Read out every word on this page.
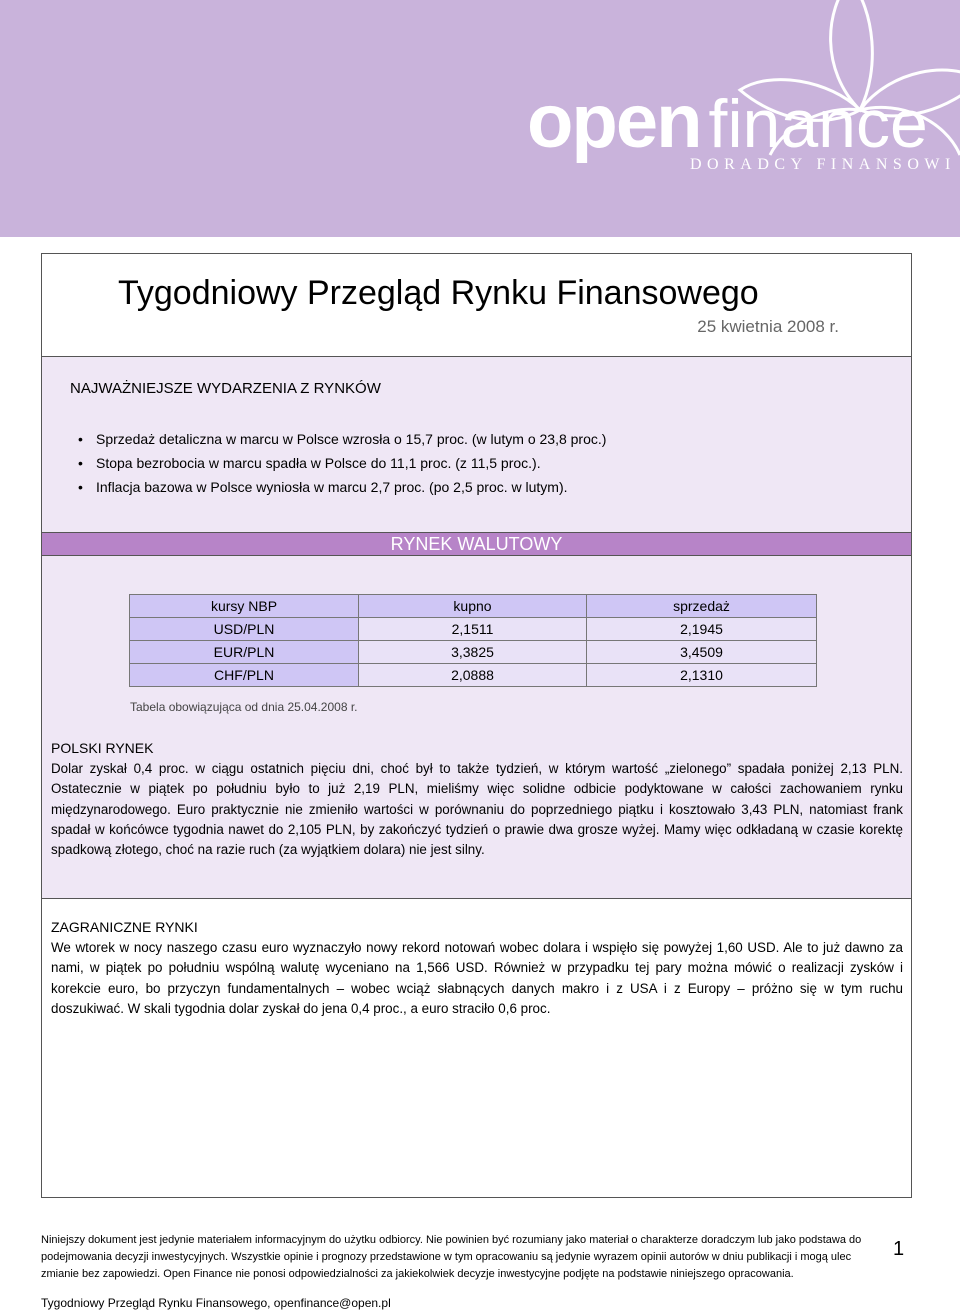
open finance
DORADCY FINANSOWI
Tygodniowy Przegląd Rynku Finansowego
25 kwietnia 2008 r.
NAJWAŻNIEJSZE WYDARZENIA Z RYNKÓW
• Sprzedaż detaliczna w marcu w Polsce wzrosła o 15,7 proc. (w lutym o 23,8 proc.)
• Stopa bezrobocia w marcu spadła w Polsce do 11,1 proc. (z 11,5 proc.).
• Inflacja bazowa w Polsce wyniosła w marcu 2,7 proc. (po 2,5 proc. w lutym).
RYNEK WALUTOWY
kursy NBP	kupno	sprzedaż
USD/PLN	2,1511	2,1945
EUR/PLN	3,3825	3,4509
CHF/PLN	2,0888	2,1310
Tabela obowiązująca od dnia 25.04.2008 r.
POLSKI RYNEK
Dolar zyskał 0,4 proc. w ciągu ostatnich pięciu dni, choć był to także tydzień, w którym wartość „zielonego” spadała poniżej 2,13 PLN. Ostatecznie w piątek po południu było to już 2,19 PLN, mieliśmy więc solidne odbicie podyktowane w całości zachowaniem rynku międzynarodowego. Euro praktycznie nie zmieniło wartości w porównaniu do poprzedniego piątku i kosztowało 3,43 PLN, natomiast frank spadał w końcówce tygodnia nawet do 2,105 PLN, by zakończyć tydzień o prawie dwa grosze wyżej. Mamy więc odkładaną w czasie korektę spadkową złotego, choć na razie ruch (za wyjątkiem dolara) nie jest silny.
ZAGRANICZNE RYNKI
We wtorek w nocy naszego czasu euro wyznaczyło nowy rekord notowań wobec dolara i wspięło się powyżej 1,60 USD. Ale to już dawno za nami, w piątek po południu wspólną walutę wyceniano na 1,566 USD. Również w przypadku tej pary można mówić o realizacji zysków i korekcie euro, bo przyczyn fundamentalnych – wobec wciąż słabnących danych makro i z USA i z Europy – próżno się w tym ruchu doszukiwać. W skali tygodnia dolar zyskał do jena 0,4 proc., a euro straciło 0,6 proc.
Niniejszy dokument jest jedynie materiałem informacyjnym do użytku odbiorcy. Nie powinien być rozumiany jako materiał o charakterze doradczym lub jako podstawa do podejmowania decyzji inwestycyjnych. Wszystkie opinie i prognozy przedstawione w tym opracowaniu są jedynie wyrazem opinii autorów w dniu publikacji i mogą ulec zmianie bez zapowiedzi. Open Finance nie ponosi odpowiedzialności za jakiekolwiek decyzje inwestycyjne podjęte na podstawie niniejszego opracowania.
1
Tygodniowy Przegląd Rynku Finansowego, openfinance@open.pl
